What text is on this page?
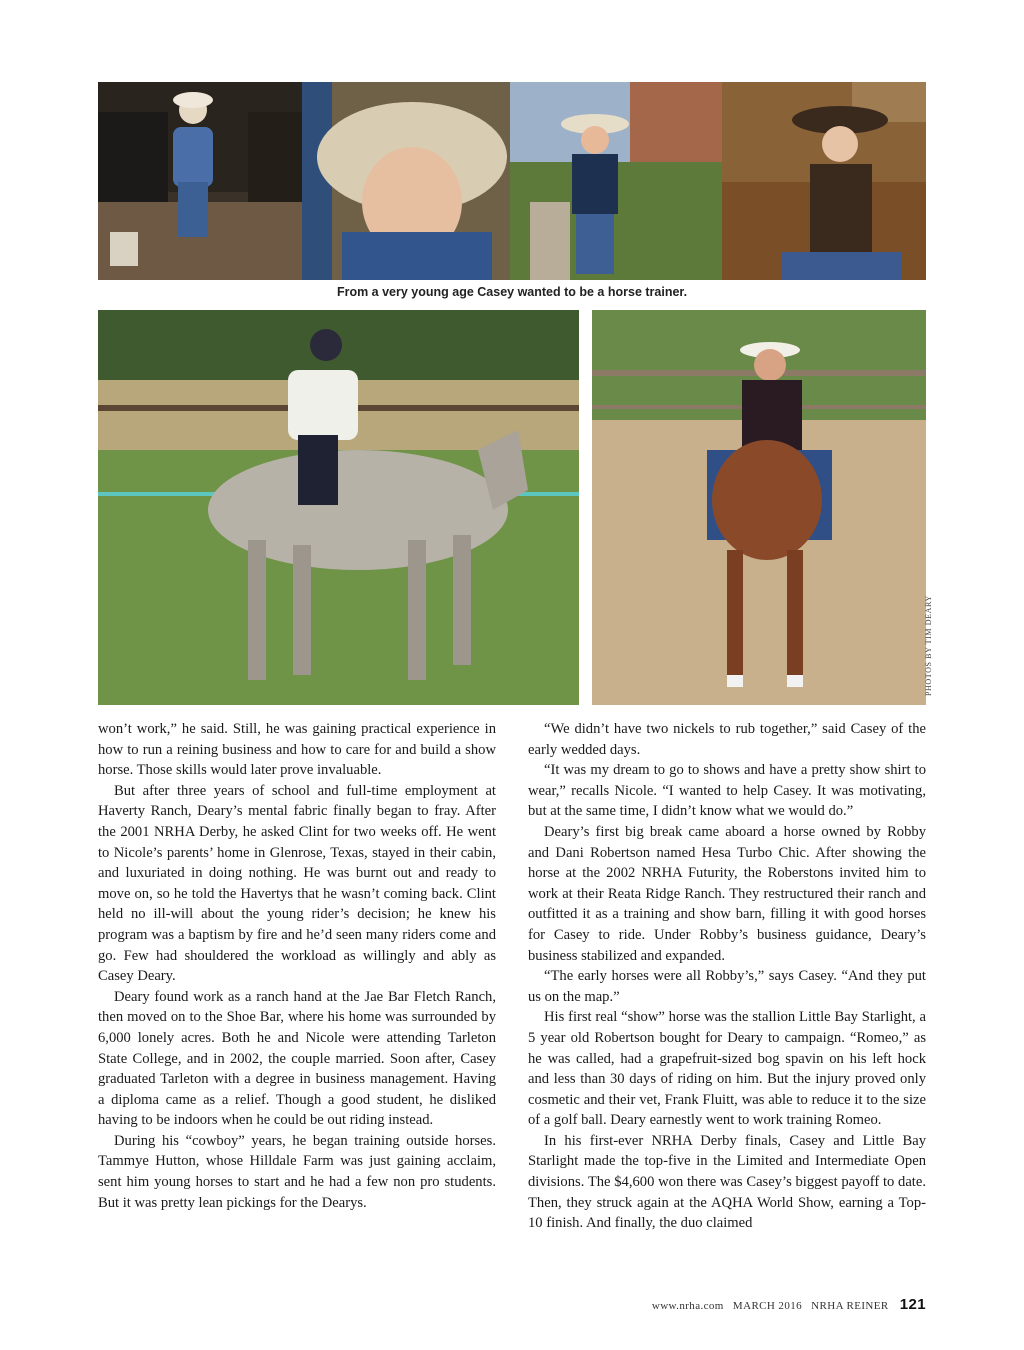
From a very young age Casey wanted to be a horse trainer.
PHOTOS BY TIM DEARY

won’t work,” he said. Still, he was gaining practical experience in how to run a reining business and how to care for and build a show horse. Those skills would later prove invaluable.

But after three years of school and full-time employment at Haverty Ranch, Deary’s mental fabric finally began to fray. After the 2001 NRHA Derby, he asked Clint for two weeks off. He went to Nicole’s parents’ home in Glenrose, Texas, stayed in their cabin, and luxuriated in doing nothing. He was burnt out and ready to move on, so he told the Havertys that he wasn’t coming back. Clint held no ill-will about the young rider’s decision; he knew his program was a baptism by fire and he’d seen many riders come and go. Few had shouldered the workload as willingly and ably as Casey Deary.

Deary found work as a ranch hand at the Jae Bar Fletch Ranch, then moved on to the Shoe Bar, where his home was surrounded by 6,000 lonely acres. Both he and Nicole were attending Tarleton State College, and in 2002, the couple married. Soon after, Casey graduated Tarleton with a degree in business management. Having a diploma came as a relief. Though a good student, he disliked having to be indoors when he could be out riding instead.

During his “cowboy” years, he began training outside horses. Tammye Hutton, whose Hilldale Farm was just gaining acclaim, sent him young horses to start and he had a few non pro students. But it was pretty lean pickings for the Dearys.

“We didn’t have two nickels to rub together,” said Casey of the early wedded days.

“It was my dream to go to shows and have a pretty show shirt to wear,” recalls Nicole. “I wanted to help Casey. It was motivating, but at the same time, I didn’t know what we would do.”

Deary’s first big break came aboard a horse owned by Robby and Dani Robertson named Hesa Turbo Chic. After showing the horse at the 2002 NRHA Futurity, the Roberstons invited him to work at their Reata Ridge Ranch. They restructured their ranch and outfitted it as a training and show barn, filling it with good horses for Casey to ride. Under Robby’s business guidance, Deary’s business stabilized and expanded.

“The early horses were all Robby’s,” says Casey. “And they put us on the map.”

His first real “show” horse was the stallion Little Bay Starlight, a 5 year old Robertson bought for Deary to campaign. “Romeo,” as he was called, had a grapefruit-sized bog spavin on his left hock and less than 30 days of riding on him. But the injury proved only cosmetic and their vet, Frank Fluitt, was able to reduce it to the size of a golf ball. Deary earnestly went to work training Romeo.

In his first-ever NRHA Derby finals, Casey and Little Bay Starlight made the top-five in the Limited and Intermediate Open divisions. The $4,600 won there was Casey’s biggest payoff to date. Then, they struck again at the AQHA World Show, earning a Top-10 finish. And finally, the duo claimed

www.nrha.com MARCH 2016 NRHA REINER 121
